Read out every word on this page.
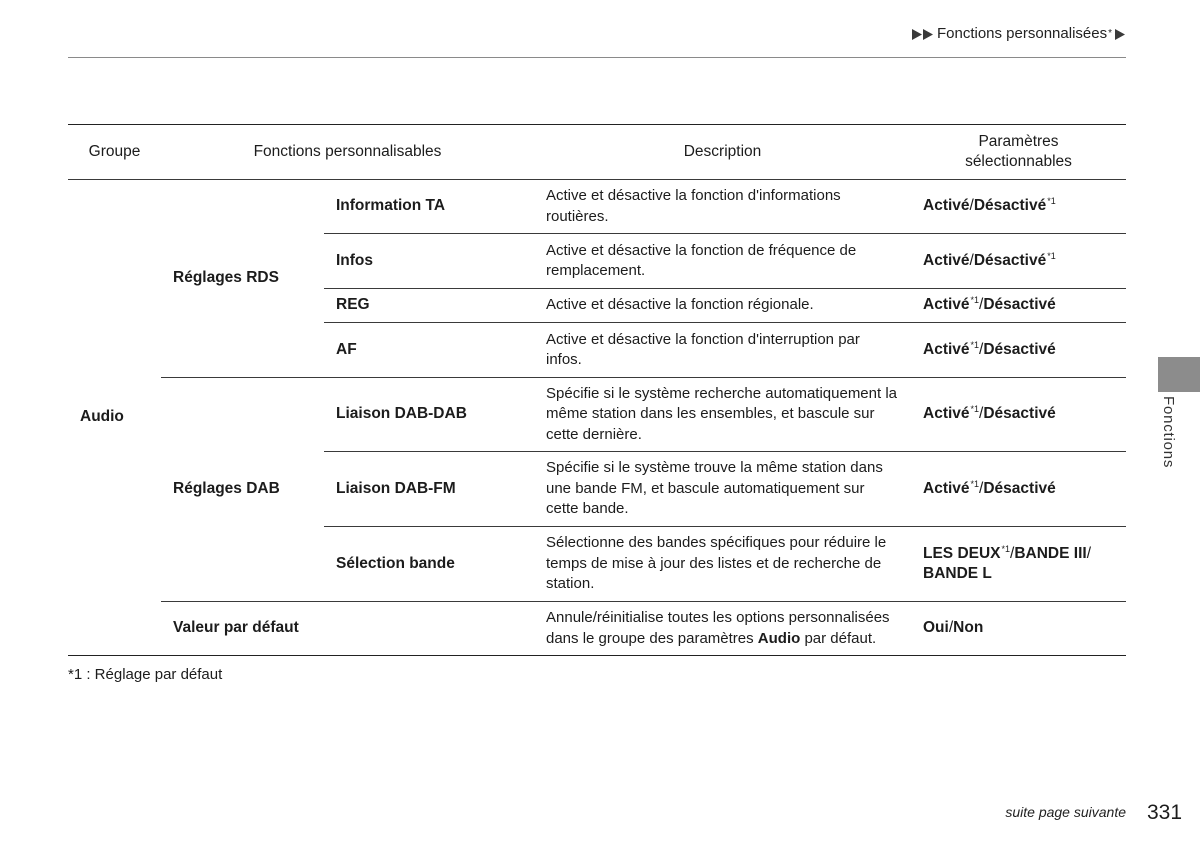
Fonctions personnalisées *
Groupe	Fonctions personnalisables		Description	Paramètres
sélectionnables
Audio	Réglages RDS	Information TA	Active et désactive la fonction d'informations
routières.	Activé/Désactivé$^{*1}$
		Infos	Active et désactive la fonction de fréquence de
remplacement.	Activé/Désactivé$^{*1}$
		REG	Active et désactive la fonction régionale.	Activé$^{*1}$/Désactivé
		AF	Active et désactive la fonction d'interruption par
infos.	Activé$^{*1}$/Désactivé
	Réglages DAB	Liaison DAB-DAB	Spécifie si le système recherche automatiquement la
même station dans les ensembles, et bascule sur
cette dernière.	Activé$^{*1}$/Désactivé
		Liaison DAB-FM	Spécifie si le système trouve la même station dans
une bande FM, et bascule automatiquement sur
cette bande.	Activé$^{*1}$/Désactivé
		Sélection bande	Sélectionne des bandes spécifiques pour réduire le
temps de mise à jour des listes et de recherche de
station.	LES DEUX$^{*1}$/BANDE III/
BANDE L
	Valeur par défaut		Annule/réinitialise toutes les options personnalisées
dans le groupe des paramètres Audio par défaut.	Oui/Non
*1 : Réglage par défaut
Fonctions
suite page suivante 331
